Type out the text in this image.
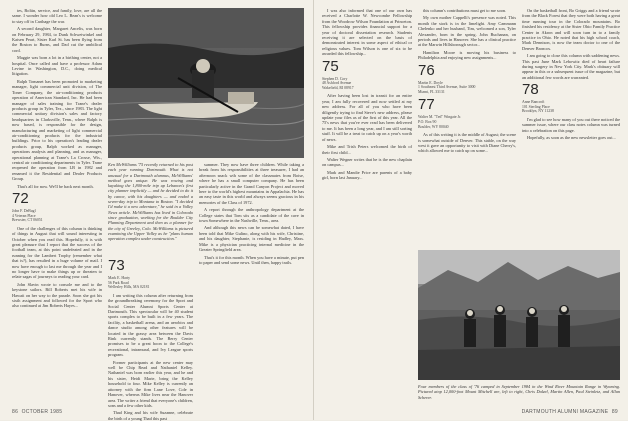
tes, Boltin, service, and family, love, are all the same. I wonder how old Leo L. Bean's is welcome to stay off in Carthage the war.

A second daughter, Margaret Ancelis, was born on February 29, 1984, to Dunk Schweiwinkel and Kaisen Peart, Sister Karl St. has been flying from the Boston to Burns, and Dad cut the umbilical cord.

Maggie was born a lot in a birthing center, not a hospital. Once called and have a professor Adam Levine in Washington, D.C., doing medical litigation.

Ralph Tomanet has been promoted to marketing manager, light commercial unit division, of The Toner Company, the air-conditioning products operation of American Standard, Inc. He had been manager of sales training for Trane's dealer products group in Tyler, Tex., since 1983. The light commercial unitary division's sales and factory headquarters in Clarksville, Tenn., where Ralph is now based, is responsible for the design, manufacturing and marketing of light commercial air-conditioning products for the industrial buildings. Prior to his operation's leading dealer products group, Ralph worked as manager, operations analysis and planning, and as manager, operational planning at Trane's La Crosse, Wis., central air conditioning departments in Tyler. Trane reopened the operation from LB in 1982 and renamed it the Residential and Dealer Products Group.

That's all for now. We'll be back next month.

72

John F. DeBugl
4 Veteran Place
Brewster, CT 06051

One of the challenges of this column is thinking of things in August that will sound interesting in October when you read this. Hopefully, it is with great pleasure that I report that the success of the football team, at this point undefeated and in the running for the Lambert Trophy (remember what that is?), has resulted in a huge volume of mail. I now have enough to last me through the year and I no longer have to make things up or threaten to relate sagas of journeys to reading your card.

John Slavin wrote to console me and to the keystone sailors. Bill Roberts met his wife in Hawaii on her way to the parade. Soon she got his sixth assignment and followed for the Sport who also continued at Jim Roberts Hayes...

Ken McWilliams '75 recently returned to his post each year running Dartmouth. What is not unusual for a Dartmouth alumnus, McWilliams' method goes unique. He was rowing and kayaking the 1,800-mile trip up Lebanon's first city planner implicitly — and he decided to do it by canoe, with his daughters — and ended a seven-day trip to Montana to Boston. "I decided I'd make it a new adventure," he said in a Valley News article. McWilliams has lived in Colorado since graduation, working for the Boulder City Planning Department and then as a planner for the city of Greeley, Colo. McWilliams is pictured examining the Upper Valley as he "plans human operation complex under construction."

summer. They now have three children. While taking a break from his responsibilities at three treasurer, I had an afternoon snack wth some of the classmates from Boise, where he has a small computer company. He has been particularly active in the Grand Canyon Project and moved here to the world's highest mountains in Appalachia. He has an easy taste in this world and always seems gracious in his memories of the Class of 1972.

A report through the anthropology department at the College states that Tom sits as a candidate of the cave in town Somewhere in the Nashville, Tenn., area.

And although this news can be somewhat dated, I have been told that Mike Gulino, along with his wife, Christine, and his daughter, Stephanie, is residing in Hadley, Mass. Mike is a physician practicing internal medicine in the Greater Springfield area.

That's it for this month. When you have a minute, put pen to paper and send some news. Until then, happy trails.

73

Mark E. Harty
56 Park Road
Wellesley Hills, MA 02181

I am writing this column after returning from the groundbreaking ceremony for the Sport and Social Center Alumni Sports Center at Dartmouth. This spectacular will be 40 student sports complex to be built in a few years. The facility, a basketball arena, and an aerobics and dance studio among other features will be located in the grassy area between the Davis Rink currently stands. The Berry Center promises to be a great boon to the College's recreational, intramural, and Ivy League sports program.

Former participants at the new center may well be Chip Read and Nathaniel Kelley. Nathaniel was born earlier this year, and he and his sister, Heidi Marie, bring the Kelley household to four. Mike Kelley is currently an attorney with the firm Lane Love, Cole in Hanover, whereas Mike lives near the Hanover area. The writer a friend that everyone's children, sons and a few other kids.

Thad King and his wife Suzanne, celebrate the birth of a young Thad this past

86 OCTOBER 1985

I was also informed that one of our own has received a Charlotte W. Newcombe Fellowship from the Woodrow Wilson Foundation at Princeton. This fellowship provides financial support for a year of doctoral dissertation research. Students receiving it are selected on the basis of demonstrated interest in some aspect of ethical or religious values. Tom Wilson is one of six to be awarded this fellowship...

75

Stephen D. Cory
48 Ashford Avenue
Wakefield, RI 08917

After having been lost in transit for an entire year, I am fully recovered and now settled at my new address. For all of you who have been diligently trying to find Steve's new address, please update your files as of the first of this year. All the 75's news that you've ever read has been delivered to me. It has been a long year, and I am still sorting stuff. It will be a treat to catch up on a year's worth of news.

Mike and Trish Peters welcomed the birth of their first child...

Walter Wegner writes that he is the new chaplain on campus...

Mark and Mandie Price are parents of a baby girl, born last January...

this column's contributions must get to me soon.

My own mother Cappelli's presence was noted. This month the stork is in the limelight. Amy Cammann Chelenko and her husband, Tim, welcomed a son, Tyler Alexander, born in the spring. John Buchanan, on periods and lives in Hanover. She has a clinical practice at the Marwin Hillsborough sector...

Hamilton Moore is moving his business to Philadelphia and enjoying new assignments...

76

Martin E. Doyle
1 Southeast Third Avenue, Suite 3000
Miami, FL 33131

77

Walter M. "Ted" Wingate Jr.
P.O. Box 90
Boulder, WY 80040

As of this writing it is the middle of August; the scene is somewhat outside of Denver. This stable, on the way west it gave an opportunity to visit with Diane Cherry's, which allowed me to catch up on some...

On the basketball front, Bo Griggs and a friend wrote from the Black Forest that they were both having a great time running tour in the Colorado mountains. Bo finished his residency at the Sister Ohio Family Practice Center in Akron and will soon turn in to a family practice in Ohio. He noted that his high school coach, Mark Dennison, is now the team doctor to one of the Denver Broncos.

I am going to close this column with saddening news. This past June Mark Lebowitz died of heart failure during surgery in New York City. Mark's obituary will appear in this or a subsequent issue of the magazine, but an additional few words are warranted.

78

Anne Bancroft
101 Sterling Place
Brooklyn, NY 11238

I'm glad to see how many of you out there noticed the summer issue, where our class notes column was turned into a celebration on this page.

Hopefully, as soon as the new newsletter goes out...

Four members of the class of '76 camped in September 1984 in the Wind River Mountain Range in Wyoming. Pictured atop 12,000-foot Mount Mitchell are, left to right, Chris Dalzel, Martin Allen, Paul Steinletz, and Allan Scherer.
DARTMOUTH ALUMNI MAGAZINE 89
